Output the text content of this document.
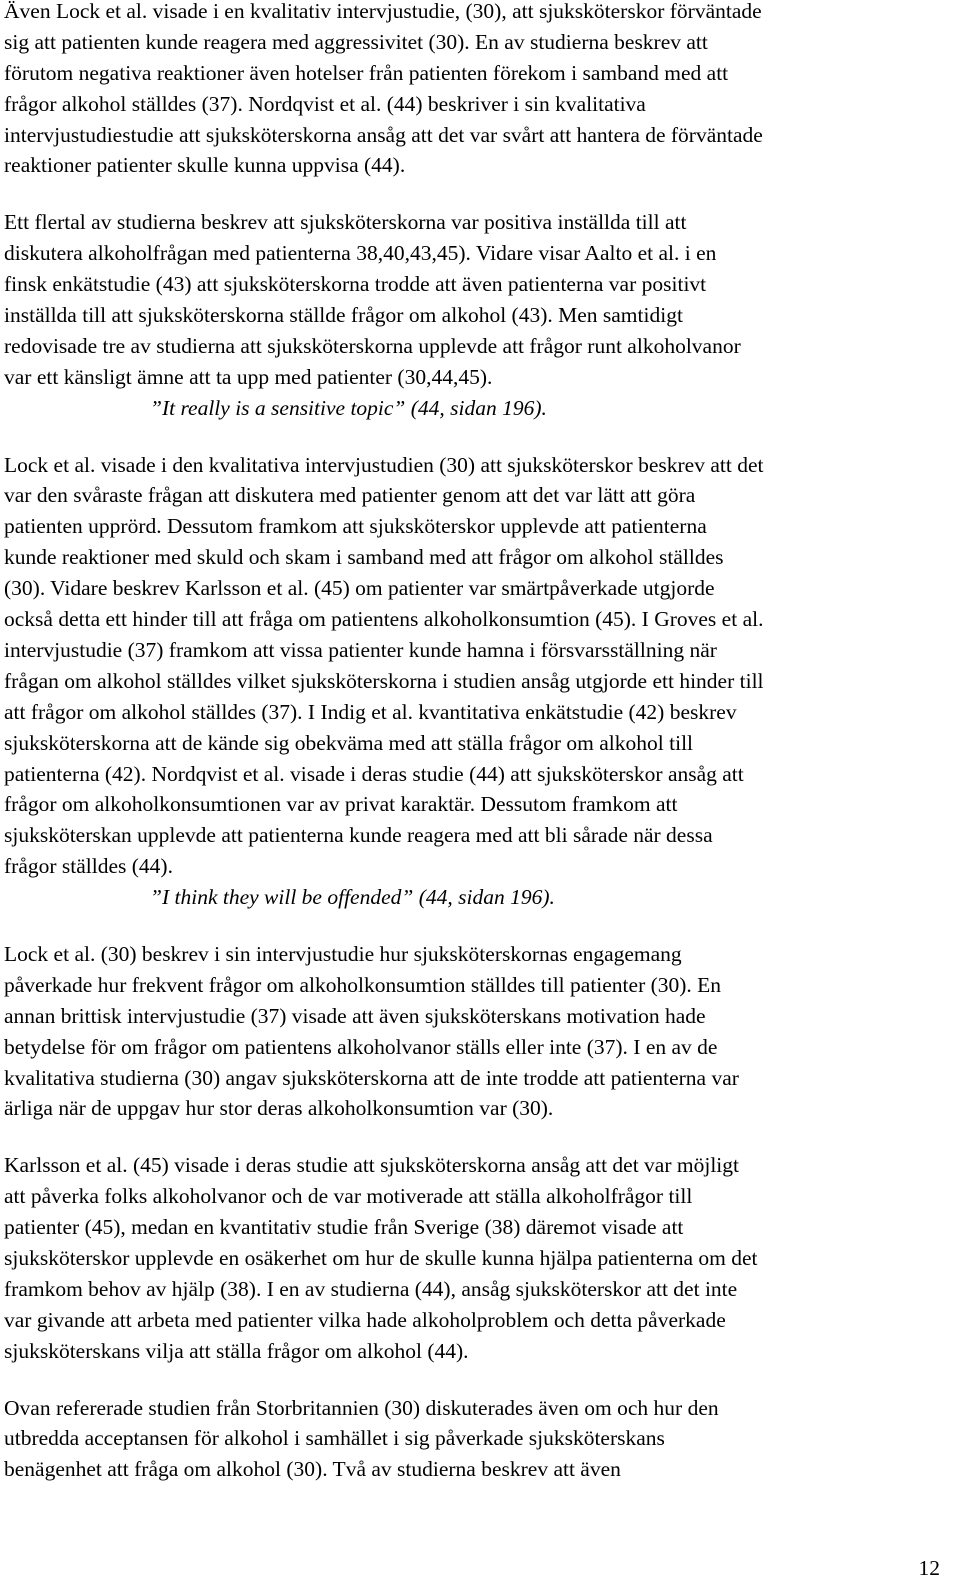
Även Lock et al. visade i en kvalitativ intervjustudie, (30), att sjuksköterskor förväntade
sig att patienten kunde reagera med aggressivitet (30). En av studierna beskrev att
förutom negativa reaktioner även hotelser från patienten förekom i samband med att
frågor alkohol ställdes (37). Nordqvist et al. (44) beskriver i sin kvalitativa
intervjustudiestudie att sjuksköterskorna ansåg att det var svårt att hantera de förväntade
reaktioner patienter skulle kunna uppvisa (44).

Ett flertal av studierna beskrev att sjuksköterskorna var positiva inställda till att
diskutera alkoholfrågan med patienterna 38,40,43,45). Vidare visar Aalto et al. i en
finsk enkätstudie (43) att sjuksköterskorna trodde att även patienterna var positivt
inställda till att sjuksköterskorna ställde frågor om alkohol (43). Men samtidigt
redovisade tre av studierna att sjuksköterskorna upplevde att frågor runt alkoholvanor
var ett känsligt ämne att ta upp med patienter (30,44,45).

”It really is a sensitive topic” (44, sidan 196).

Lock et al. visade i den kvalitativa intervjustudien (30) att sjuksköterskor beskrev att det
var den svåraste frågan att diskutera med patienter genom att det var lätt att göra
patienten upprörd. Dessutom framkom att sjuksköterskor upplevde att patienterna
kunde reaktioner med skuld och skam i samband med att frågor om alkohol ställdes
(30). Vidare beskrev Karlsson et al. (45) om patienter var smärtpåverkade utgjorde
också detta ett hinder till att fråga om patientens alkoholkonsumtion (45). I Groves et al.
intervjustudie (37) framkom att vissa patienter kunde hamna i försvarsställning när
frågan om alkohol ställdes vilket sjuksköterskorna i studien ansåg utgjorde ett hinder till
att frågor om alkohol ställdes (37). I Indig et al. kvantitativa enkätstudie (42) beskrev
sjuksköterskorna att de kände sig obekväma med att ställa frågor om alkohol till
patienterna (42). Nordqvist et al. visade i deras studie (44) att sjuksköterskor ansåg att
frågor om alkoholkonsumtionen var av privat karaktär. Dessutom framkom att
sjuksköterskan upplevde att patienterna kunde reagera med att bli sårade när dessa
frågor ställdes (44).

”I think they will be offended” (44, sidan 196).

Lock et al. (30) beskrev i sin intervjustudie hur sjuksköterskornas engagemang
påverkade hur frekvent frågor om alkoholkonsumtion ställdes till patienter (30). En
annan brittisk intervjustudie (37) visade att även sjuksköterskans motivation hade
betydelse för om frågor om patientens alkoholvanor ställs eller inte (37). I en av de
kvalitativa studierna (30) angav sjuksköterskorna att de inte trodde att patienterna var
ärliga när de uppgav hur stor deras alkoholkonsumtion var (30).

Karlsson et al. (45) visade i deras studie att sjuksköterskorna ansåg att det var möjligt
att påverka folks alkoholvanor och de var motiverade att ställa alkoholfrågor till
patienter (45), medan en kvantitativ studie från Sverige (38) däremot visade att
sjuksköterskor upplevde en osäkerhet om hur de skulle kunna hjälpa patienterna om det
framkom behov av hjälp (38). I en av studierna (44), ansåg sjuksköterskor att det inte
var givande att arbeta med patienter vilka hade alkoholproblem och detta påverkade
sjuksköterskans vilja att ställa frågor om alkohol (44).

Ovan refererade studien från Storbritannien (30) diskuterades även om och hur den
utbredda acceptansen för alkohol i samhället i sig påverkade sjuksköterskans
benägenhet att fråga om alkohol (30). Två av studierna beskrev att även

12
